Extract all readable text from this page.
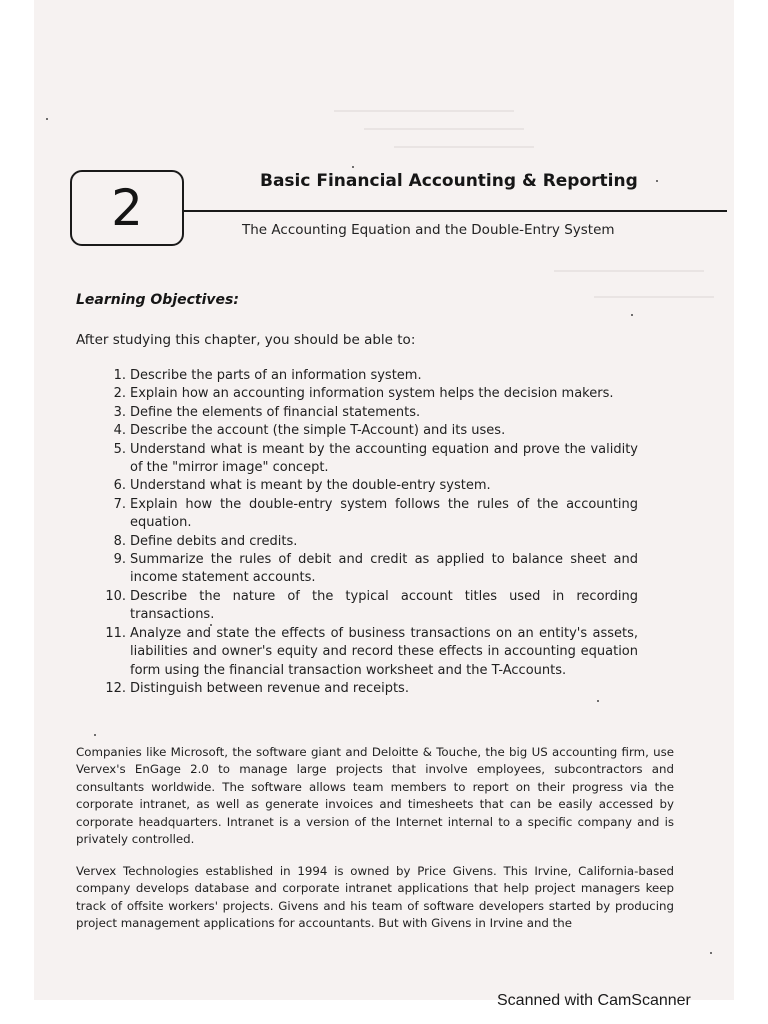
2	Basic Financial Accounting & Reporting
The Accounting Equation and the Double-Entry System
Learning Objectives:
After studying this chapter, you should be able to:
1. Describe the parts of an information system.
2. Explain how an accounting information system helps the decision makers.
3. Define the elements of financial statements.
4. Describe the account (the simple T-Account) and its uses.
5. Understand what is meant by the accounting equation and prove the validity of the "mirror image" concept.
6. Understand what is meant by the double-entry system.
7. Explain how the double-entry system follows the rules of the accounting equation.
8. Define debits and credits.
9. Summarize the rules of debit and credit as applied to balance sheet and income statement accounts.
10. Describe the nature of the typical account titles used in recording transactions.
11. Analyze and state the effects of business transactions on an entity's assets, liabilities and owner's equity and record these effects in accounting equation form using the financial transaction worksheet and the T-Accounts.
12. Distinguish between revenue and receipts.

Companies like Microsoft, the software giant and Deloitte & Touche, the big US accounting firm, use Vervex's EnGage 2.0 to manage large projects that involve employees, subcontractors and consultants worldwide. The software allows team members to report on their progress via the corporate intranet, as well as generate invoices and timesheets that can be easily accessed by corporate headquarters. Intranet is a version of the Internet internal to a specific company and is privately controlled.

Vervex Technologies established in 1994 is owned by Price Givens. This Irvine, California-based company develops database and corporate intranet applications that help project managers keep track of offsite workers' projects. Givens and his team of software developers started by producing project management applications for accountants. But with Givens in Irvine and the

Scanned with CamScanner
